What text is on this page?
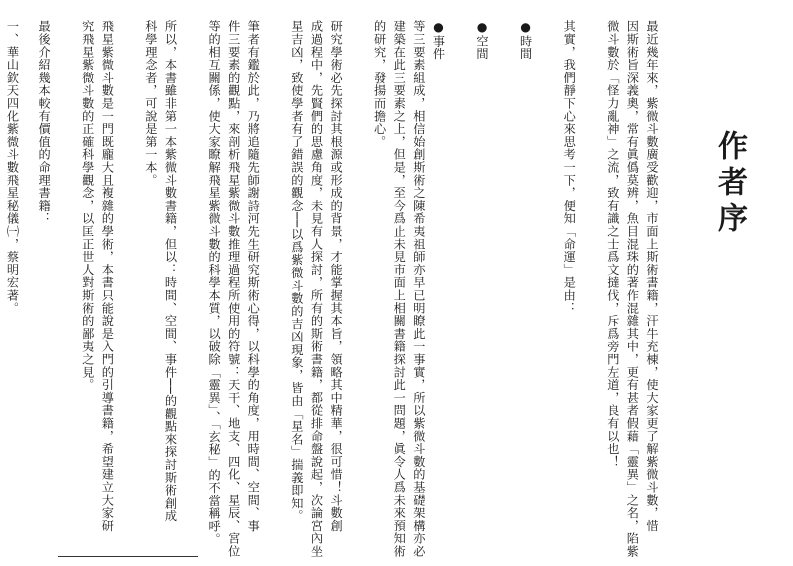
作者序
最近幾年來，紫微斗數廣受歡迎，市面上斯術書籍，汗牛充棟，使大家更了解紫微斗數，惜
因斯術旨深義奧，常有眞僞莫辨，魚目混珠的著作混雜其中，更有甚者假藉「靈異」之名，陷紫
微斗數於「怪力亂神」之流，致有識之士爲文撻伐，斥爲旁門左道，良有以也！
其實，我們靜下心來思考一下，便知「命運」是由：
●時間
●空間
●事件
等三要素組成，相信始創斯術之陳希夷祖師亦早已明瞭此一事實，所以紫微斗數的基礎架構亦必
建築在此三要素之上，但是，至今爲止未見市面上相關書籍探討此一問題，眞令人爲未來預知術
的研究，發揚而擔心。
研究學術必先探討其根源或形成的背景，才能掌握其本旨，領略其中精華，很可惜！斗數創
成過程中，先賢們的思慮角度，未見有人探討，所有的斯術書籍，都從排命盤說起，次論宮內坐
星吉凶，致使學者有了錯誤的觀念──以爲紫微斗數的吉凶現象，皆由「星名」揣義即知。
筆者有鑑於此，乃將追隨先師謝詩河先生研究斯術心得，以科學的角度，用時間、空間、事
件三要素的觀點，來剖析飛星紫微斗數推理過程所使用的符號：天干、地支、四化、星辰、宮位
等的相互關係，使大家瞭解飛星紫微斗數的科學本質，以破除「靈異」、「玄秘」的不當稱呼。
所以，本書雖非第一本紫微斗數書籍，但以：時間、空間、事件──的觀點來探討斯術創成
科學理念者，可說是第一本。
飛星紫微斗數是一門既龐大且複雜的學術，本書只能說是入門的引導書籍，希望建立大家研
究飛星紫微斗數的正確科學觀念，以匡正世人對斯術的鄙夷之見。
最後介紹幾本較有價值的命理書籍：
一、華山欽天四化紫微斗數飛星秘儀㈠，蔡明宏著。
